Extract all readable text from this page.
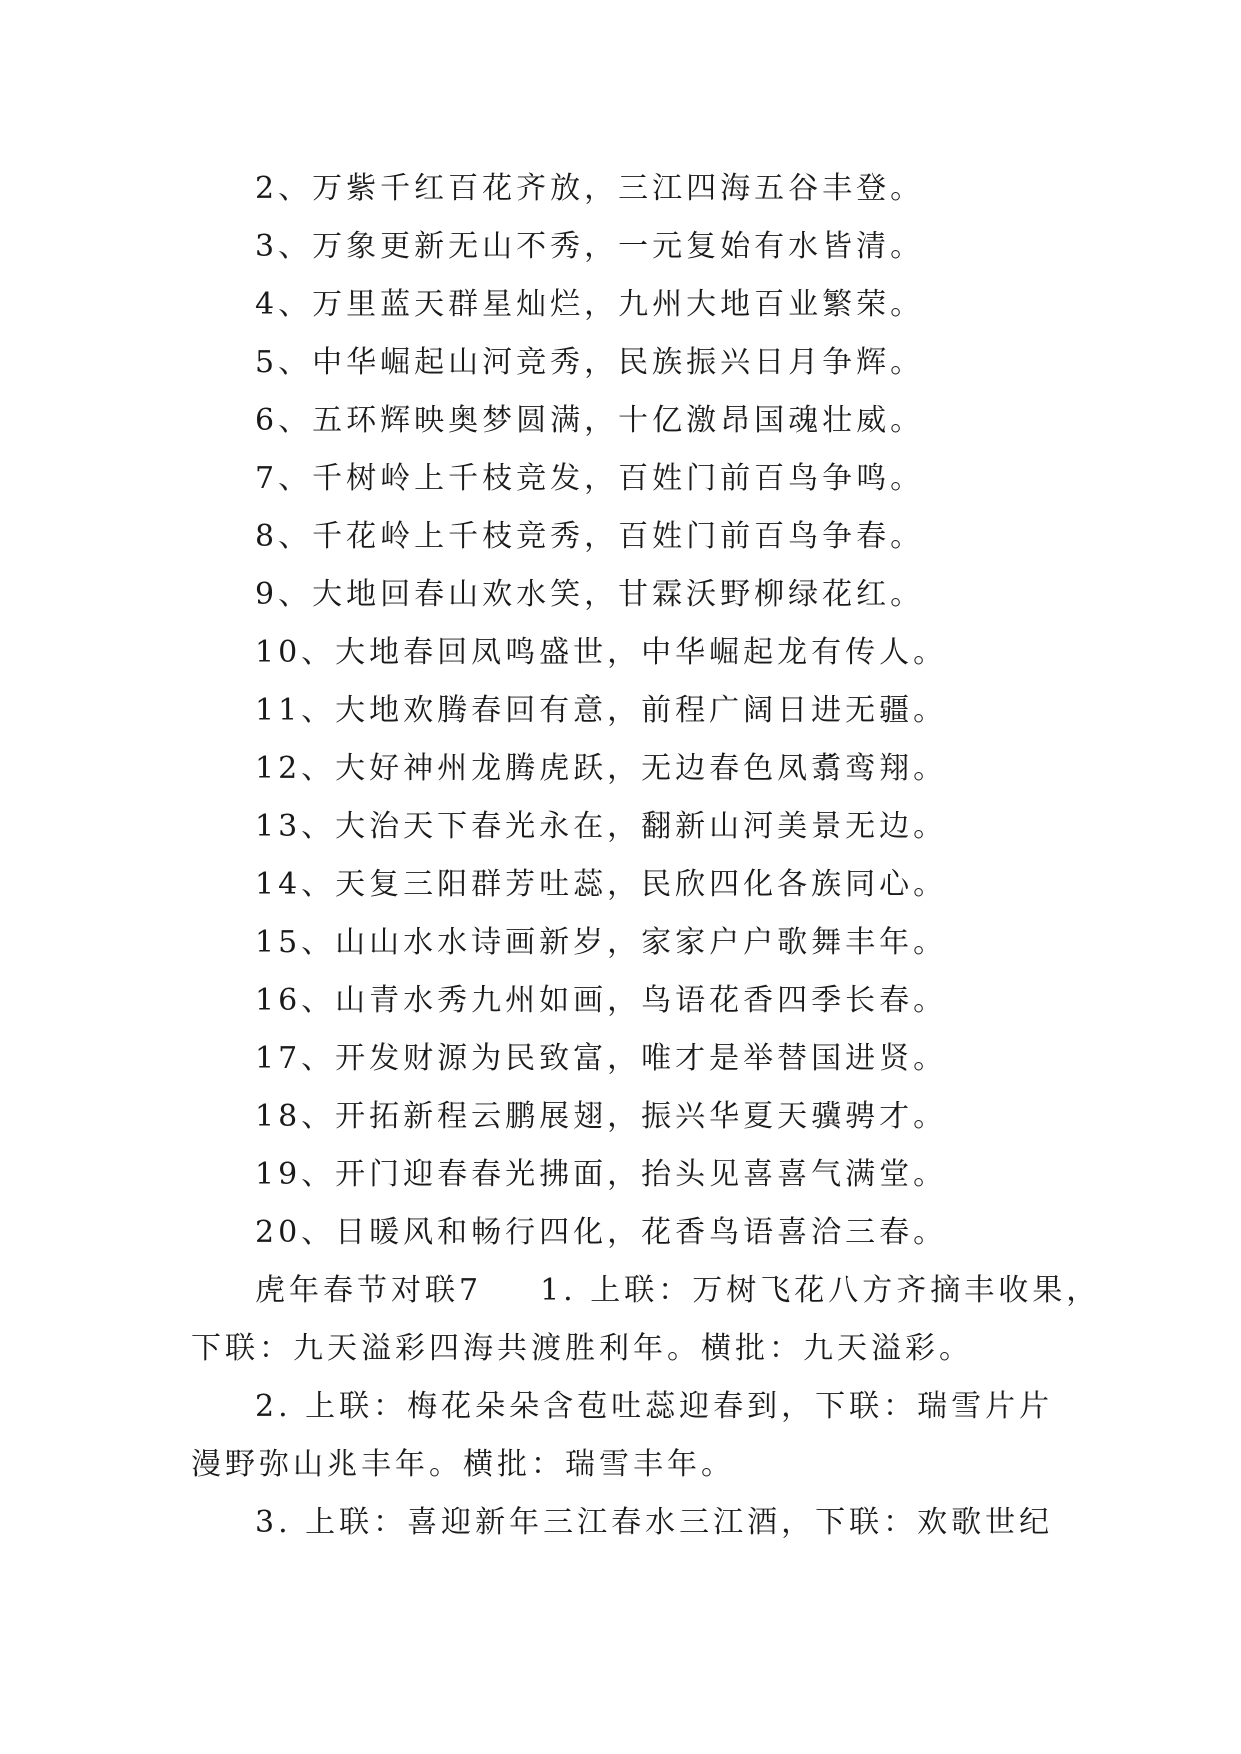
2、万紫千红百花齐放，三江四海五谷丰登。

3、万象更新无山不秀，一元复始有水皆清。

4、万里蓝天群星灿烂，九州大地百业繁荣。

5、中华崛起山河竞秀，民族振兴日月争辉。

6、五环辉映奥梦圆满，十亿激昂国魂壮威。

7、千树岭上千枝竞发，百姓门前百鸟争鸣。

8、千花岭上千枝竞秀，百姓门前百鸟争春。

9、大地回春山欢水笑，甘霖沃野柳绿花红。

10、大地春回凤鸣盛世，中华崛起龙有传人。

11、大地欢腾春回有意，前程广阔日进无疆。

12、大好神州龙腾虎跃，无边春色凤翥鸾翔。

13、大治天下春光永在，翻新山河美景无边。

14、天复三阳群芳吐蕊，民欣四化各族同心。

15、山山水水诗画新岁，家家户户歌舞丰年。

16、山青水秀九州如画，鸟语花香四季长春。

17、开发财源为民致富，唯才是举替国进贤。

18、开拓新程云鹏展翅，振兴华夏天骥骋才。

19、开门迎春春光拂面，抬头见喜喜气满堂。

20、日暖风和畅行四化，花香鸟语喜洽三春。

虎年春节对联7 1. 上联：万树飞花八方齐摘丰收果，

下联：九天溢彩四海共渡胜利年。横批：九天溢彩。

2. 上联：梅花朵朵含苞吐蕊迎春到，下联：瑞雪片片

漫野弥山兆丰年。横批：瑞雪丰年。

3. 上联：喜迎新年三江春水三江酒，下联：欢歌世纪
